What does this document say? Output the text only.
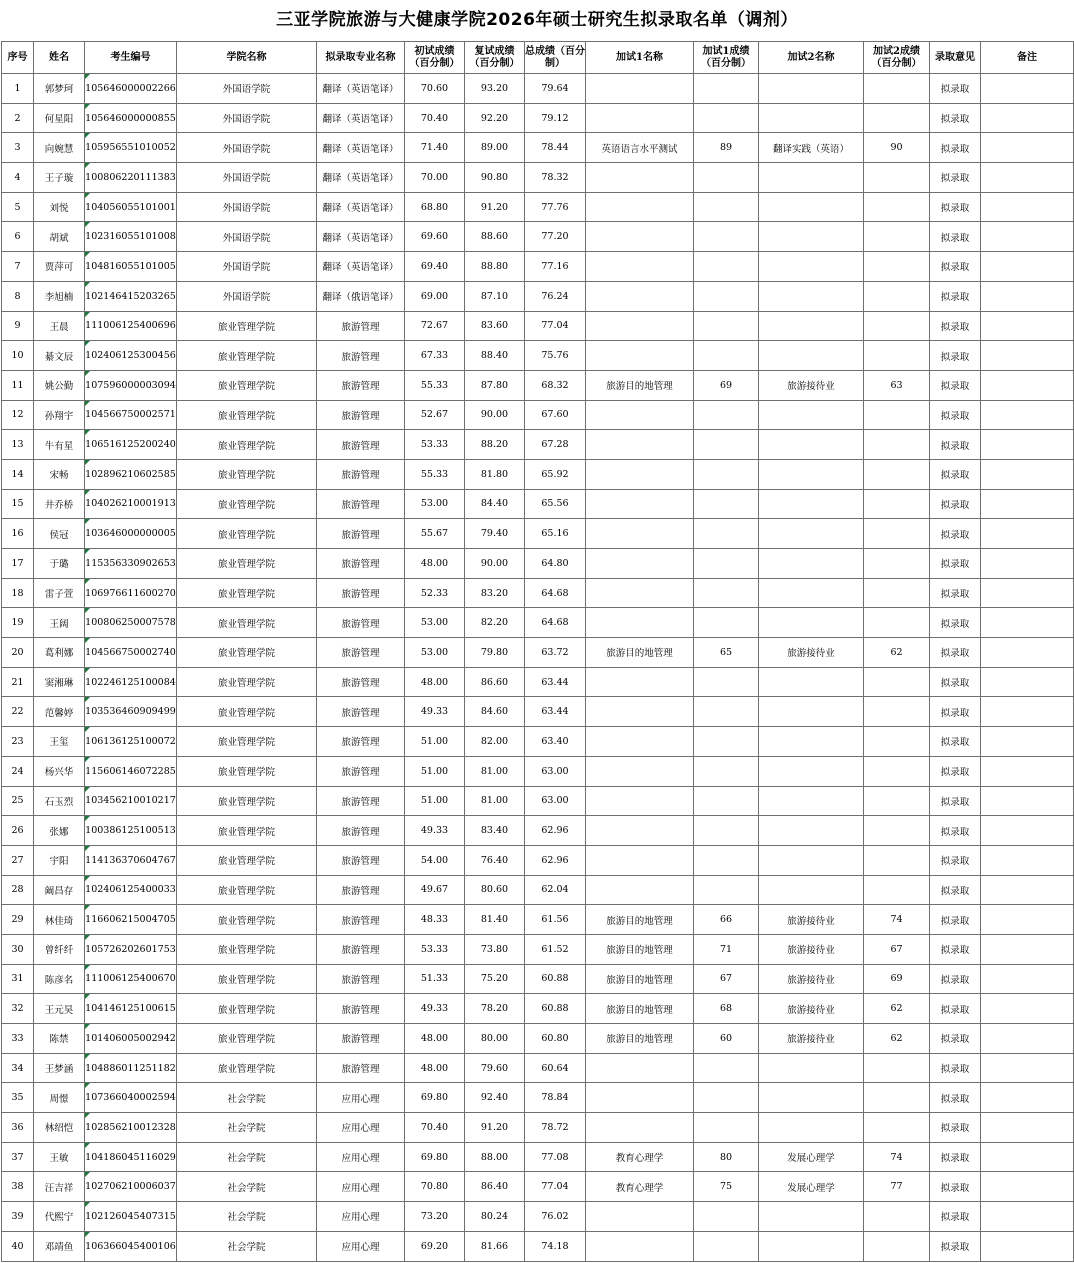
三亚学院旅游与大健康学院2026年硕士研究生拟录取名单（调剂）
序号	姓名	考生编号	学院名称	拟录取专业名称	初试成绩（百分制）	复试成绩（百分制）	总成绩（百分制）	加试1名称	加试1成绩（百分制）	加试2名称	加试2成绩（百分制）	录取意见	备注
1	郭梦珂	105646000002266	外国语学院	翻译（英语笔译）	70.60	93.20	79.64					拟录取	
2	何星阳	105646000000855	外国语学院	翻译（英语笔译）	70.40	92.20	79.12					拟录取	
3	向婉慧	105956551010052	外国语学院	翻译（英语笔译）	71.40	89.00	78.44	英语语言水平测试	89	翻译实践（英语）	90	拟录取	
4	王子璇	100806220111383	外国语学院	翻译（英语笔译）	70.00	90.80	78.32					拟录取	
5	刘悦	104056055101001	外国语学院	翻译（英语笔译）	68.80	91.20	77.76					拟录取	
6	胡斌	102316055101008	外国语学院	翻译（英语笔译）	69.60	88.60	77.20					拟录取	
7	贾萍可	104816055101005	外国语学院	翻译（英语笔译）	69.40	88.80	77.16					拟录取	
8	李旭楠	102146415203265	外国语学院	翻译（俄语笔译）	69.00	87.10	76.24					拟录取	
9	王晨	111006125400696	旅业管理学院	旅游管理	72.67	83.60	77.04					拟录取	
10	綦文辰	102406125300456	旅业管理学院	旅游管理	67.33	88.40	75.76					拟录取	
11	姚公勤	107596000003094	旅业管理学院	旅游管理	55.33	87.80	68.32	旅游目的地管理	69	旅游接待业	63	拟录取	
12	孙翔宇	104566750002571	旅业管理学院	旅游管理	52.67	90.00	67.60					拟录取	
13	牛有星	106516125200240	旅业管理学院	旅游管理	53.33	88.20	67.28					拟录取	
14	宋畅	102896210602585	旅业管理学院	旅游管理	55.33	81.80	65.92					拟录取	
15	井乔桥	104026210001913	旅业管理学院	旅游管理	53.00	84.40	65.56					拟录取	
16	侯冠	103646000000005	旅业管理学院	旅游管理	55.67	79.40	65.16					拟录取	
17	于璐	115356330902653	旅业管理学院	旅游管理	48.00	90.00	64.80					拟录取	
18	雷子萱	106976611600270	旅业管理学院	旅游管理	52.33	83.20	64.68					拟录取	
19	王阔	100806250007578	旅业管理学院	旅游管理	53.00	82.20	64.68					拟录取	
20	葛利娜	104566750002740	旅业管理学院	旅游管理	53.00	79.80	63.72	旅游目的地管理	65	旅游接待业	62	拟录取	
21	窦湘琳	102246125100084	旅业管理学院	旅游管理	48.00	86.60	63.44					拟录取	
22	范馨婷	103536460909499	旅业管理学院	旅游管理	49.33	84.60	63.44					拟录取	
23	王玺	106136125100072	旅业管理学院	旅游管理	51.00	82.00	63.40					拟录取	
24	杨兴华	115606146072285	旅业管理学院	旅游管理	51.00	81.00	63.00					拟录取	
25	石玉烈	103456210010217	旅业管理学院	旅游管理	51.00	81.00	63.00					拟录取	
26	张娜	100386125100513	旅业管理学院	旅游管理	49.33	83.40	62.96					拟录取	
27	宇阳	114136370604767	旅业管理学院	旅游管理	54.00	76.40	62.96					拟录取	
28	阚昌存	102406125400033	旅业管理学院	旅游管理	49.67	80.60	62.04					拟录取	
29	林佳琦	116606215004705	旅业管理学院	旅游管理	48.33	81.40	61.56	旅游目的地管理	66	旅游接待业	74	拟录取	
30	曾纤纤	105726202601753	旅业管理学院	旅游管理	53.33	73.80	61.52	旅游目的地管理	71	旅游接待业	67	拟录取	
31	陈彦名	111006125400670	旅业管理学院	旅游管理	51.33	75.20	60.88	旅游目的地管理	67	旅游接待业	69	拟录取	
32	王元昊	104146125100615	旅业管理学院	旅游管理	49.33	78.20	60.88	旅游目的地管理	68	旅游接待业	62	拟录取	
33	陈禁	101406005002942	旅业管理学院	旅游管理	48.00	80.00	60.80	旅游目的地管理	60	旅游接待业	62	拟录取	
34	王梦涵	104886011251182	旅业管理学院	旅游管理	48.00	79.60	60.64					拟录取	
35	周憬	107366040002594	社会学院	应用心理	69.80	92.40	78.84					拟录取	
36	林绍恺	102856210012328	社会学院	应用心理	70.40	91.20	78.72					拟录取	
37	王敏	104186045116029	社会学院	应用心理	69.80	88.00	77.08	教育心理学	80	发展心理学	74	拟录取	
38	汪吉祥	102706210006037	社会学院	应用心理	70.80	86.40	77.04	教育心理学	75	发展心理学	77	拟录取	
39	代熙宁	102126045407315	社会学院	应用心理	73.20	80.24	76.02					拟录取	
40	邓靖鱼	106366045400106	社会学院	应用心理	69.20	81.66	74.18					拟录取	
